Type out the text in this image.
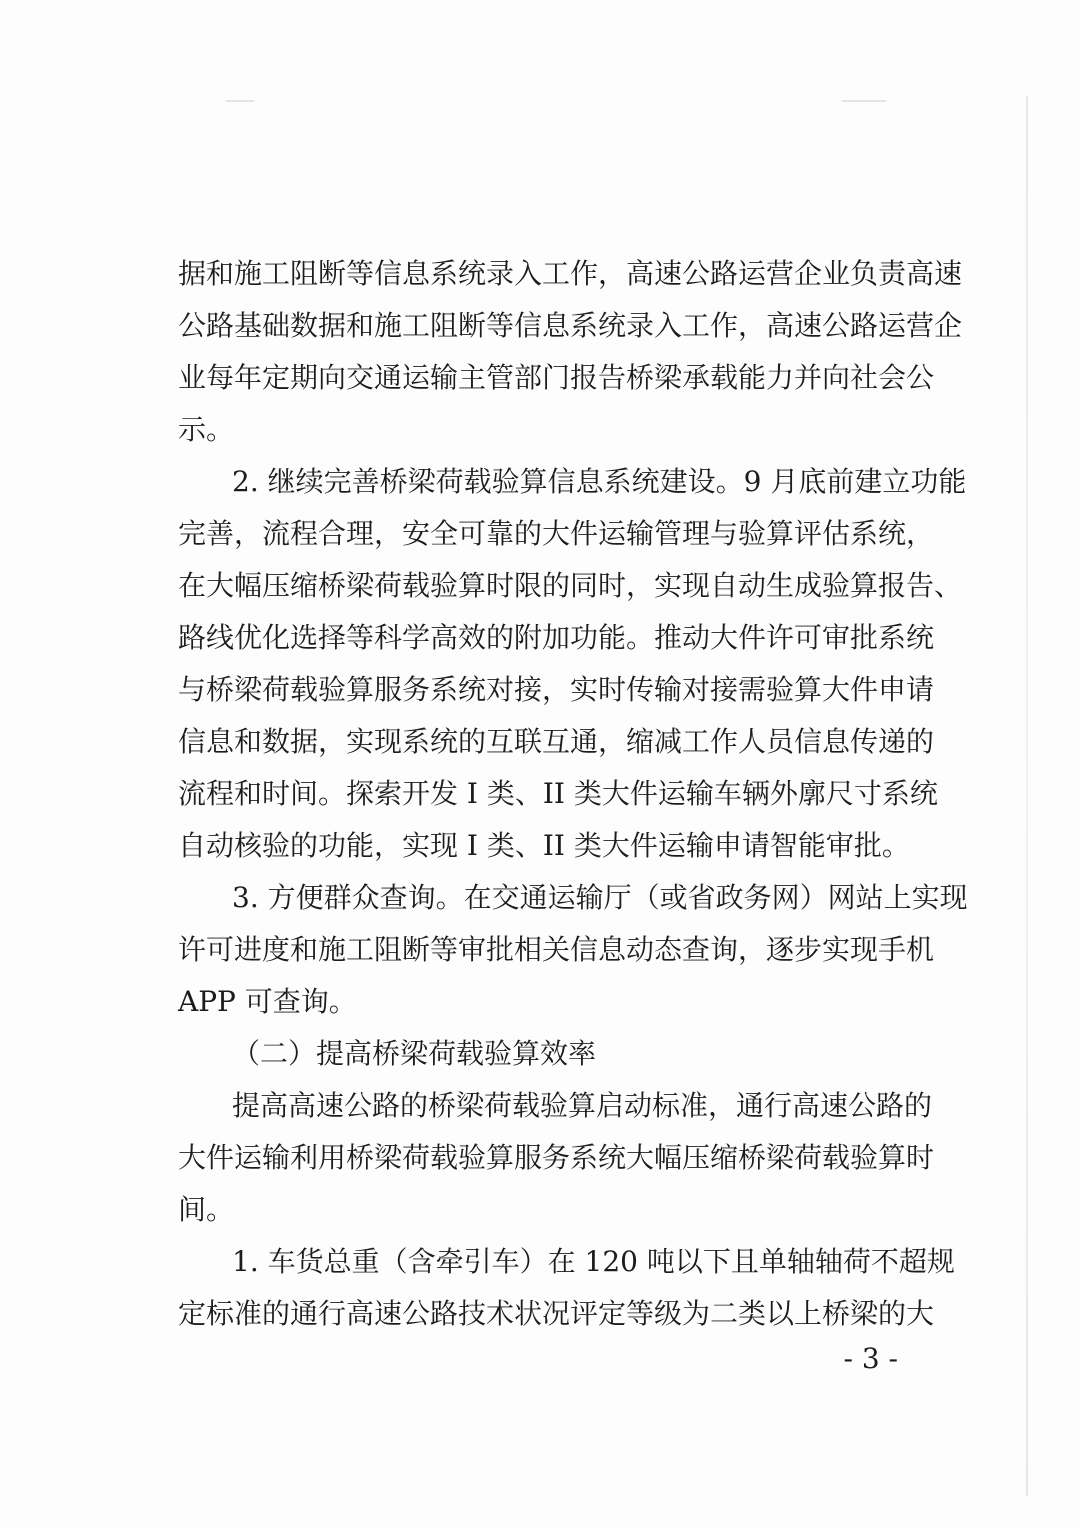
据和施工阻断等信息系统录入工作，高速公路运营企业负责高速

公路基础数据和施工阻断等信息系统录入工作，高速公路运营企

业每年定期向交通运输主管部门报告桥梁承载能力并向社会公

示。

2. 继续完善桥梁荷载验算信息系统建设。9 月底前建立功能

完善，流程合理，安全可靠的大件运输管理与验算评估系统，

在大幅压缩桥梁荷载验算时限的同时，实现自动生成验算报告、

路线优化选择等科学高效的附加功能。推动大件许可审批系统

与桥梁荷载验算服务系统对接，实时传输对接需验算大件申请

信息和数据，实现系统的互联互通，缩减工作人员信息传递的

流程和时间。探索开发 I 类、II 类大件运输车辆外廓尺寸系统

自动核验的功能，实现 I 类、II 类大件运输申请智能审批。

3. 方便群众查询。在交通运输厅（或省政务网）网站上实现

许可进度和施工阻断等审批相关信息动态查询，逐步实现手机

APP 可查询。

（二）提高桥梁荷载验算效率

提高高速公路的桥梁荷载验算启动标准，通行高速公路的

大件运输利用桥梁荷载验算服务系统大幅压缩桥梁荷载验算时

间。

1. 车货总重（含牵引车）在 120 吨以下且单轴轴荷不超规

定标准的通行高速公路技术状况评定等级为二类以上桥梁的大

- 3 -
